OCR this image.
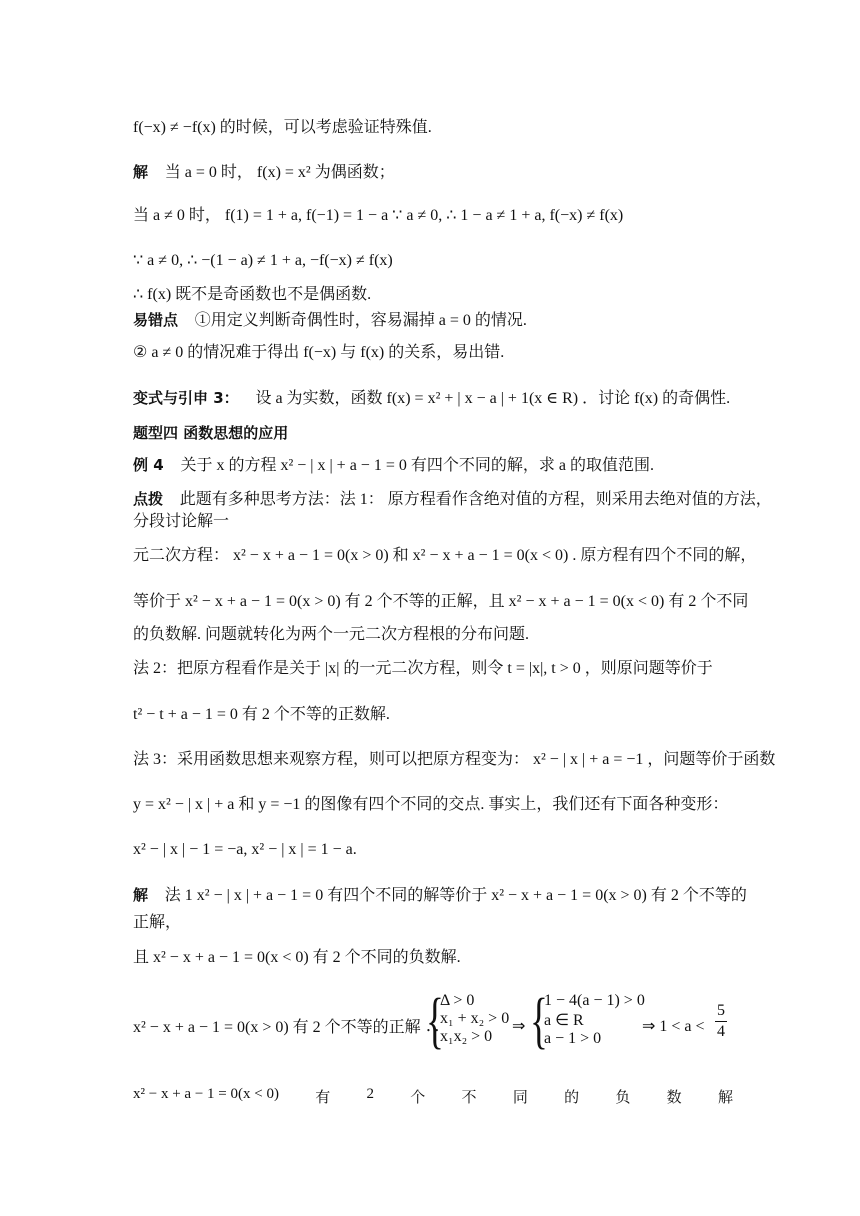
f(−x) ≠ −f(x) 的时候，可以考虑验证特殊值.
解 当 a = 0 时， f(x) = x² 为偶函数；
当 a ≠ 0 时， f(1) = 1 + a, f(−1) = 1 − a ∵ a ≠ 0, ∴ 1 − a ≠ 1 + a, f(−x) ≠ f(x)
∵ a ≠ 0, ∴ −(1 − a) ≠ 1 + a, −f(−x) ≠ f(x)
∴ f(x) 既不是奇函数也不是偶函数.
易错点 ①用定义判断奇偶性时，容易漏掉 a = 0 的情况.
② a ≠ 0 的情况难于得出 f(−x) 与 f(x) 的关系，易出错.
变式与引申 3： 设 a 为实数，函数 f(x) = x² + | x − a | + 1(x ∈ R) ．讨论 f(x) 的奇偶性.
题型四 函数思想的应用
例 4 关于 x 的方程 x² − | x | + a − 1 = 0 有四个不同的解，求 a 的取值范围.
点拨 此题有多种思考方法：法 1： 原方程看作含绝对值的方程，则采用去绝对值的方法，
分段讨论解一
元二次方程： x² − x + a − 1 = 0(x > 0) 和 x² − x + a − 1 = 0(x < 0) . 原方程有四个不同的解，
等价于 x² − x + a − 1 = 0(x > 0) 有 2 个不等的正解，且 x² − x + a − 1 = 0(x < 0) 有 2 个不同
的负数解. 问题就转化为两个一元二次方程根的分布问题.
法 2：把原方程看作是关于 |x| 的一元二次方程，则令 t = |x|, t > 0 ，则原问题等价于
t² − t + a − 1 = 0 有 2 个不等的正数解.
法 3：采用函数思想来观察方程，则可以把原方程变为： x² − | x | + a = −1 ，问题等价于函数
y = x² − | x | + a 和 y = −1 的图像有四个不同的交点. 事实上，我们还有下面各种变形：
x² − | x | − 1 = −a, x² − | x | = 1 − a.
解 法 1 x² − | x | + a − 1 = 0 有四个不同的解等价于 x² − x + a − 1 = 0(x > 0) 有 2 个不等的
正解，
且 x² − x + a − 1 = 0(x < 0) 有 2 个不同的负数解.
x² − x + a − 1 = 0(x > 0) 有 2 个不等的正解 ∴
{
Δ > 0
x₁ + x₂ > 0
x₁x₂ > 0
⇒ {
1 − 4(a − 1) > 0
a ∈ R
a − 1 > 0
⇒ 1 < a <
5
4
x² − x + a − 1 = 0(x < 0) 有 2 个 不 同 的 负 数 解
